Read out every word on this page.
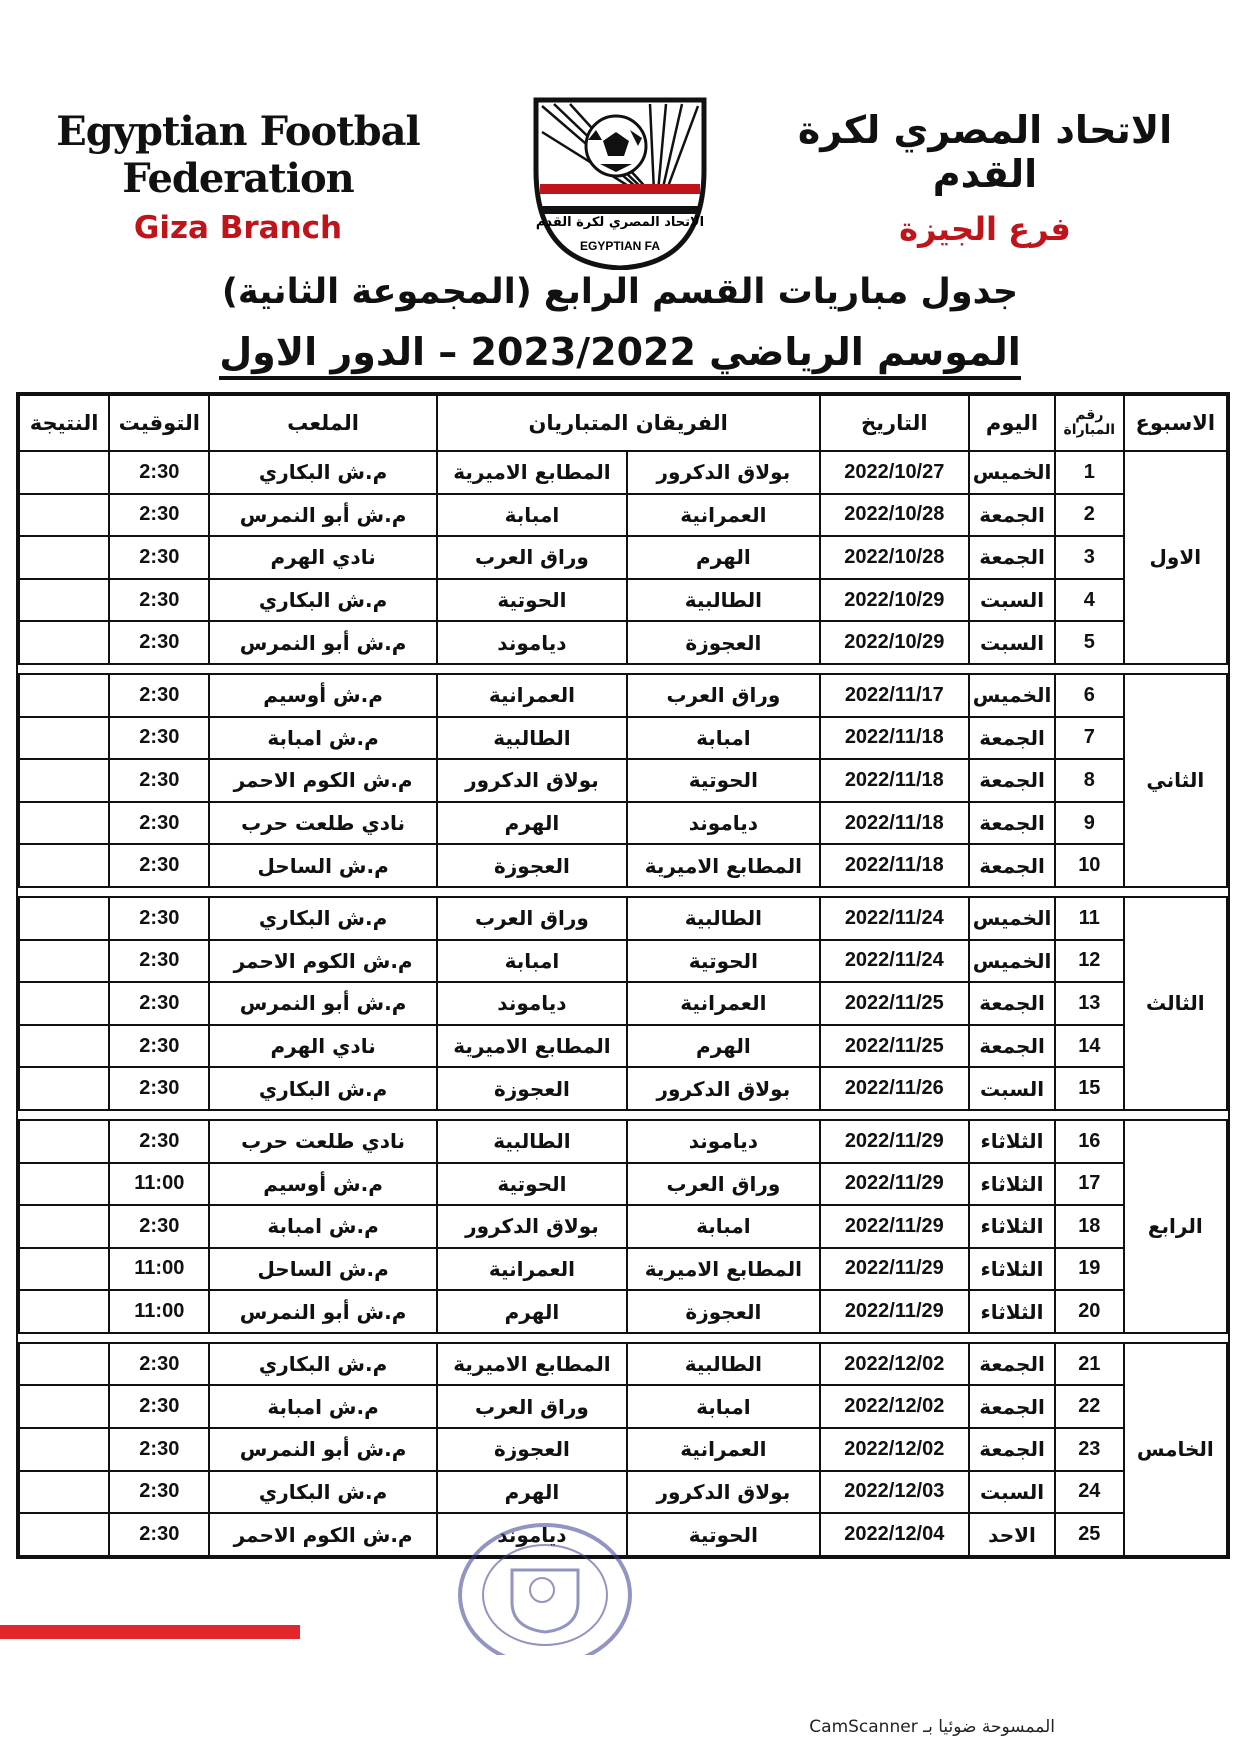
Egyptian Footbal Federation
Giza Branch	الاتحاد المصري لكرة القدم
EGYPTIAN FA
الاتحاد المصري لكرة القدم
فرع الجيزة
جدول مباريات القسم الرابع (المجموعة الثانية)
الموسم الرياضي 2023/2022 – الدور الاول
الاسبوع	رقم المباراة	اليوم	التاريخ	الفريقان المتباريان		الملعب	التوقيت	النتيجة
الاول	1	الخميس	2022/10/27	بولاق الدكرور	المطابع الاميرية	م.ش البكاري	2:30	
	2	الجمعة	2022/10/28	العمرانية	امبابة	م.ش أبو النمرس	2:30	
	3	الجمعة	2022/10/28	الهرم	وراق العرب	نادي الهرم	2:30	
	4	السبت	2022/10/29	الطالبية	الحوتية	م.ش البكاري	2:30	
	5	السبت	2022/10/29	العجوزة	دياموند	م.ش أبو النمرس	2:30	

الثاني	6	الخميس	2022/11/17	وراق العرب	العمرانية	م.ش أوسيم	2:30	
	7	الجمعة	2022/11/18	امبابة	الطالبية	م.ش امبابة	2:30	
	8	الجمعة	2022/11/18	الحوتية	بولاق الدكرور	م.ش الكوم الاحمر	2:30	
	9	الجمعة	2022/11/18	دياموند	الهرم	نادي طلعت حرب	2:30	
	10	الجمعة	2022/11/18	المطابع الاميرية	العجوزة	م.ش الساحل	2:30	

الثالث	11	الخميس	2022/11/24	الطالبية	وراق العرب	م.ش البكاري	2:30	
	12	الخميس	2022/11/24	الحوتية	امبابة	م.ش الكوم الاحمر	2:30	
	13	الجمعة	2022/11/25	العمرانية	دياموند	م.ش أبو النمرس	2:30	
	14	الجمعة	2022/11/25	الهرم	المطابع الاميرية	نادي الهرم	2:30	
	15	السبت	2022/11/26	بولاق الدكرور	العجوزة	م.ش البكاري	2:30	

الرابع	16	الثلاثاء	2022/11/29	دياموند	الطالبية	نادي طلعت حرب	2:30	
	17	الثلاثاء	2022/11/29	وراق العرب	الحوتية	م.ش أوسيم	11:00	
	18	الثلاثاء	2022/11/29	امبابة	بولاق الدكرور	م.ش امبابة	2:30	
	19	الثلاثاء	2022/11/29	المطابع الاميرية	العمرانية	م.ش الساحل	11:00	
	20	الثلاثاء	2022/11/29	العجوزة	الهرم	م.ش أبو النمرس	11:00	

الخامس	21	الجمعة	2022/12/02	الطالبية	المطابع الاميرية	م.ش البكاري	2:30	
	22	الجمعة	2022/12/02	امبابة	وراق العرب	م.ش امبابة	2:30	
	23	الجمعة	2022/12/02	العمرانية	العجوزة	م.ش أبو النمرس	2:30	
	24	السبت	2022/12/03	بولاق الدكرور	الهرم	م.ش البكاري	2:30	
	25	الاحد	2022/12/04	الحوتية	دياموند	م.ش الكوم الاحمر	2:30	
الممسوحة ضوئيا بـ CamScanner
